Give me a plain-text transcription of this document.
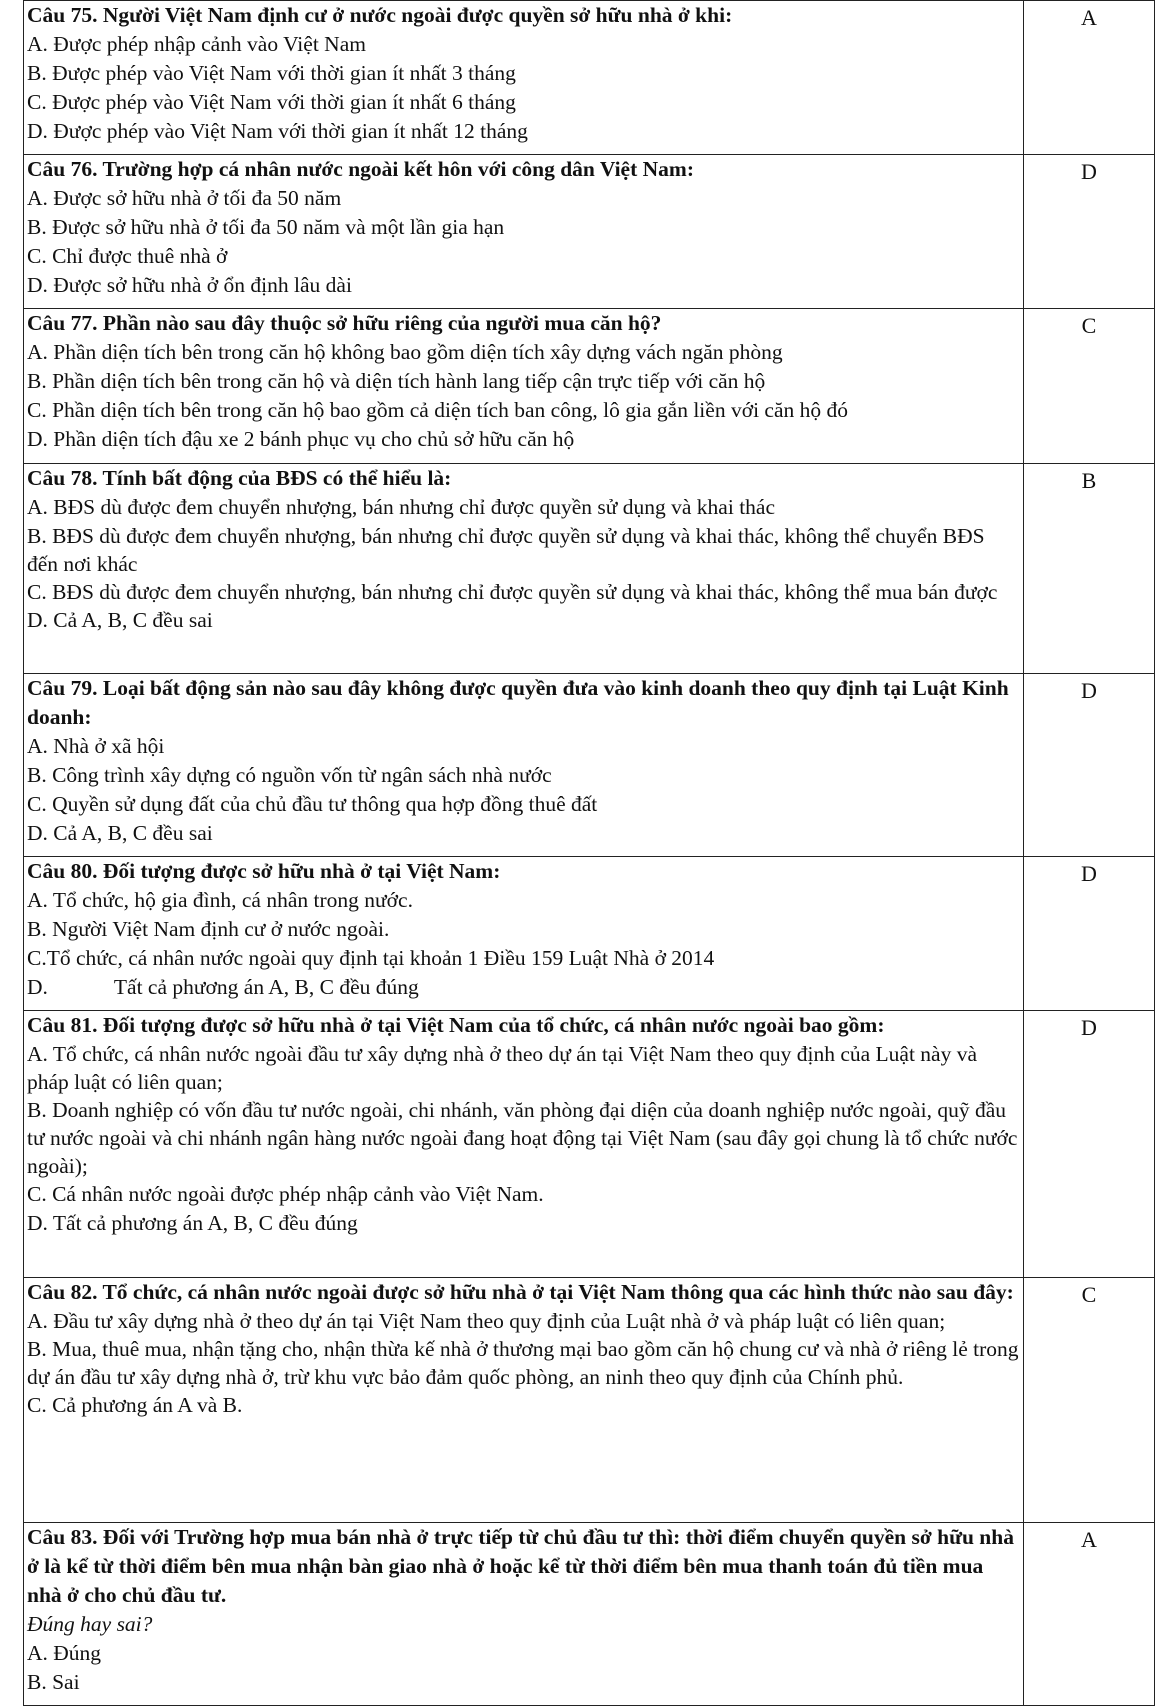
Câu 75. Người Việt Nam định cư ở nước ngoài được quyền sở hữu nhà ở khi:
A. Được phép nhập cảnh vào Việt Nam
B. Được phép vào Việt Nam với thời gian ít nhất 3 tháng
C. Được phép vào Việt Nam với thời gian ít nhất 6 tháng
D. Được phép vào Việt Nam với thời gian ít nhất 12 tháng	A

Câu 76. Trường hợp cá nhân nước ngoài kết hôn với công dân Việt Nam:
A. Được sở hữu nhà ở tối đa 50 năm
B. Được sở hữu nhà ở tối đa 50 năm và một lần gia hạn
C. Chỉ được thuê nhà ở
D. Được sở hữu nhà ở ổn định lâu dài	D

Câu 77. Phần nào sau đây thuộc sở hữu riêng của người mua căn hộ?
A. Phần diện tích bên trong căn hộ không bao gồm diện tích xây dựng vách ngăn phòng
B. Phần diện tích bên trong căn hộ và diện tích hành lang tiếp cận trực tiếp với căn hộ
C. Phần diện tích bên trong căn hộ bao gồm cả diện tích ban công, lô gia gắn liền với căn hộ đó
D. Phần diện tích đậu xe 2 bánh phục vụ cho chủ sở hữu căn hộ	C

Câu 78. Tính bất động của BĐS có thể hiểu là:
A. BĐS dù được đem chuyển nhượng, bán nhưng chỉ được quyền sử dụng và khai thác
B. BĐS dù được đem chuyển nhượng, bán nhưng chỉ được quyền sử dụng và khai thác, không thể chuyển BĐS đến nơi khác
C. BĐS dù được đem chuyển nhượng, bán nhưng chỉ được quyền sử dụng và khai thác, không thể mua bán được
D. Cả A, B, C đều sai	B

Câu 79. Loại bất động sản nào sau đây không được quyền đưa vào kinh doanh theo quy định tại Luật Kinh doanh:
A. Nhà ở xã hội
B. Công trình xây dựng có nguồn vốn từ ngân sách nhà nước
C. Quyền sử dụng đất của chủ đầu tư thông qua hợp đồng thuê đất
D. Cả A, B, C đều sai	D

Câu 80. Đối tượng được sở hữu nhà ở tại Việt Nam:
A. Tổ chức, hộ gia đình, cá nhân trong nước.
B. Người Việt Nam định cư ở nước ngoài.
C.Tổ chức, cá nhân nước ngoài quy định tại khoản 1 Điều 159 Luật Nhà ở 2014
D. Tất cả phương án A, B, C đều đúng	D

Câu 81. Đối tượng được sở hữu nhà ở tại Việt Nam của tổ chức, cá nhân nước ngoài bao gồm:
A. Tổ chức, cá nhân nước ngoài đầu tư xây dựng nhà ở theo dự án tại Việt Nam theo quy định của Luật này và pháp luật có liên quan;
B. Doanh nghiệp có vốn đầu tư nước ngoài, chi nhánh, văn phòng đại diện của doanh nghiệp nước ngoài, quỹ đầu tư nước ngoài và chi nhánh ngân hàng nước ngoài đang hoạt động tại Việt Nam (sau đây gọi chung là tổ chức nước ngoài);
C. Cá nhân nước ngoài được phép nhập cảnh vào Việt Nam.
D. Tất cả phương án A, B, C đều đúng	D

Câu 82. Tổ chức, cá nhân nước ngoài được sở hữu nhà ở tại Việt Nam thông qua các hình thức nào sau đây:
A. Đầu tư xây dựng nhà ở theo dự án tại Việt Nam theo quy định của Luật nhà ở và pháp luật có liên quan;
B. Mua, thuê mua, nhận tặng cho, nhận thừa kế nhà ở thương mại bao gồm căn hộ chung cư và nhà ở riêng lẻ trong dự án đầu tư xây dựng nhà ở, trừ khu vực bảo đảm quốc phòng, an ninh theo quy định của Chính phủ.
C. Cả phương án A và B.	C

Câu 83. Đối với Trường hợp mua bán nhà ở trực tiếp từ chủ đầu tư thì: thời điểm chuyển quyền sở hữu nhà ở là kể từ thời điểm bên mua nhận bàn giao nhà ở hoặc kể từ thời điểm bên mua thanh toán đủ tiền mua nhà ở cho chủ đầu tư.
Đúng hay sai?
A. Đúng
B. Sai	A
